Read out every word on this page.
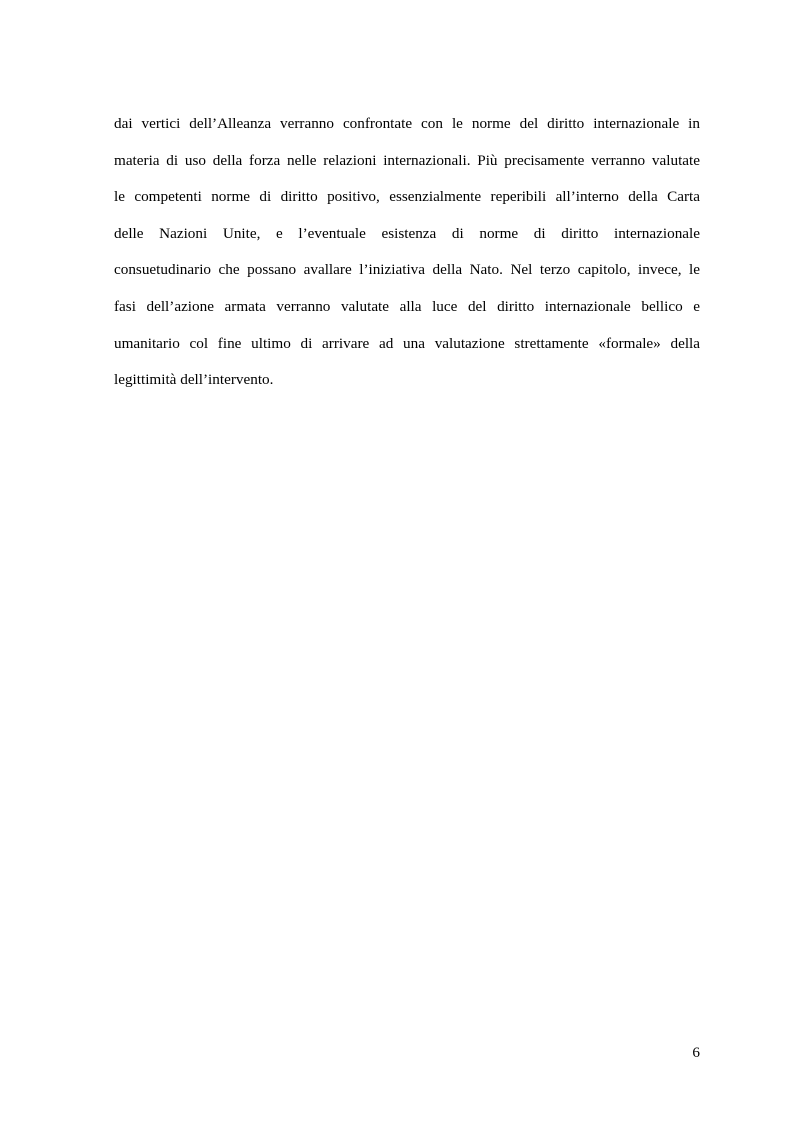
dai vertici dell’Alleanza verranno confrontate con le norme del diritto internazionale in
materia di uso della forza nelle relazioni internazionali. Più precisamente verranno valutate
le competenti norme di diritto positivo, essenzialmente reperibili all’interno della Carta
delle Nazioni Unite, e l’eventuale esistenza di norme di diritto internazionale
consuetudinario che possano avallare l’iniziativa della Nato. Nel terzo capitolo, invece, le
fasi dell’azione armata verranno valutate alla luce del diritto internazionale bellico e
umanitario col fine ultimo di arrivare ad una valutazione strettamente «formale» della
legittimità dell’intervento.
6
